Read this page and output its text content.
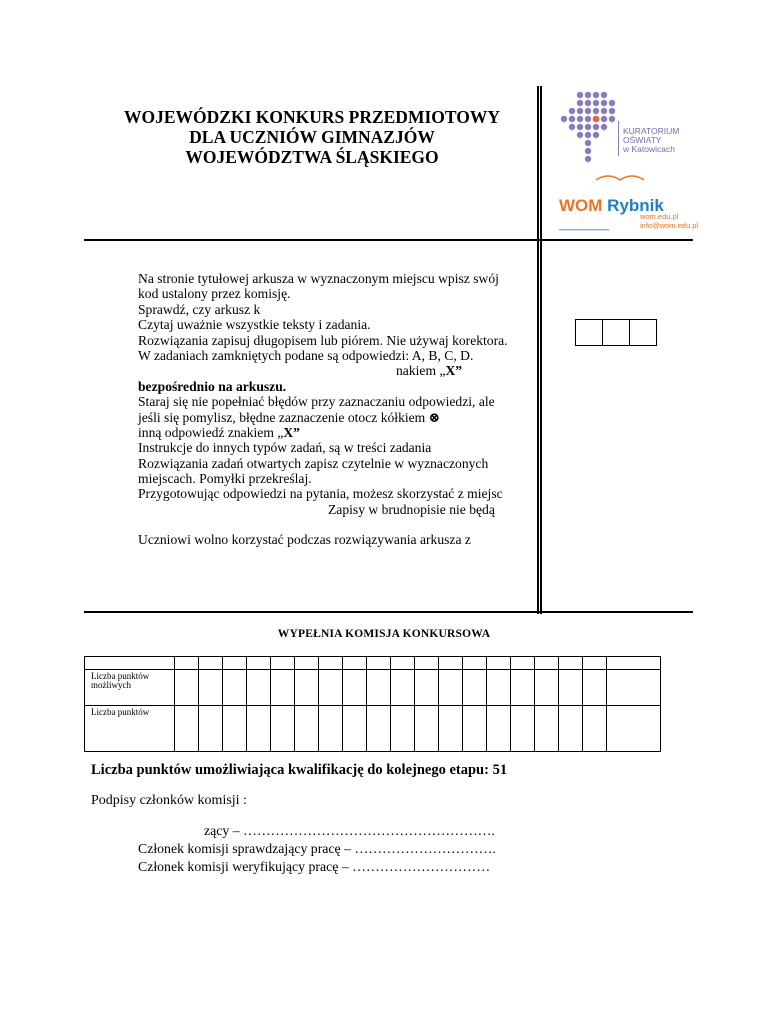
WOJEWÓDZKI KONKURS PRZEDMIOTOWY
DLA UCZNIÓW GIMNAZJÓW
WOJEWÓDZTWA ŚLĄSKIEGO
KURATORIUM
OŚWIATY
w Katowicach
WOM Rybnik
wom.edu.pl
info@wom.edu.pl
Na stronie tytułowej arkusza w wyznaczonym miejscu wpisz swój
kod ustalony przez komisję.
Sprawdź, czy arkusz k
Czytaj uważnie wszystkie teksty i zadania.
Rozwiązania zapisuj długopisem lub piórem. Nie używaj korektora.
W zadaniach zamkniętych podane są odpowiedzi: A, B, C, D.
nakiem „X”
bezpośrednio na arkuszu.
Staraj się nie popełniać błędów przy zaznaczaniu odpowiedzi, ale
jeśli się pomylisz, błędne zaznaczenie otocz kółkiem ⊗
inną odpowiedź znakiem „X”
Instrukcje do innych typów zadań, są w treści zadania
Rozwiązania zadań otwartych zapisz czytelnie w wyznaczonych
miejscach. Pomyłki przekreślaj.
Przygotowując odpowiedzi na pytania, możesz skorzystać z miejsc
Zapisy w brudnopisie nie będą
Uczniowi wolno korzystać podczas rozwiązywania arkusza z
WYPEŁNIA KOMISJA KONKURSOWA

Liczba punktów
możliwych																			

Liczba punktów																			

Liczba punktów umożliwiająca kwalifikację do kolejnego etapu: 51
Podpisy członków komisji :
zący – ……………………………………………….
Członek komisji sprawdzający pracę – ………………………….
Członek komisji weryfikujący pracę – …………………………
